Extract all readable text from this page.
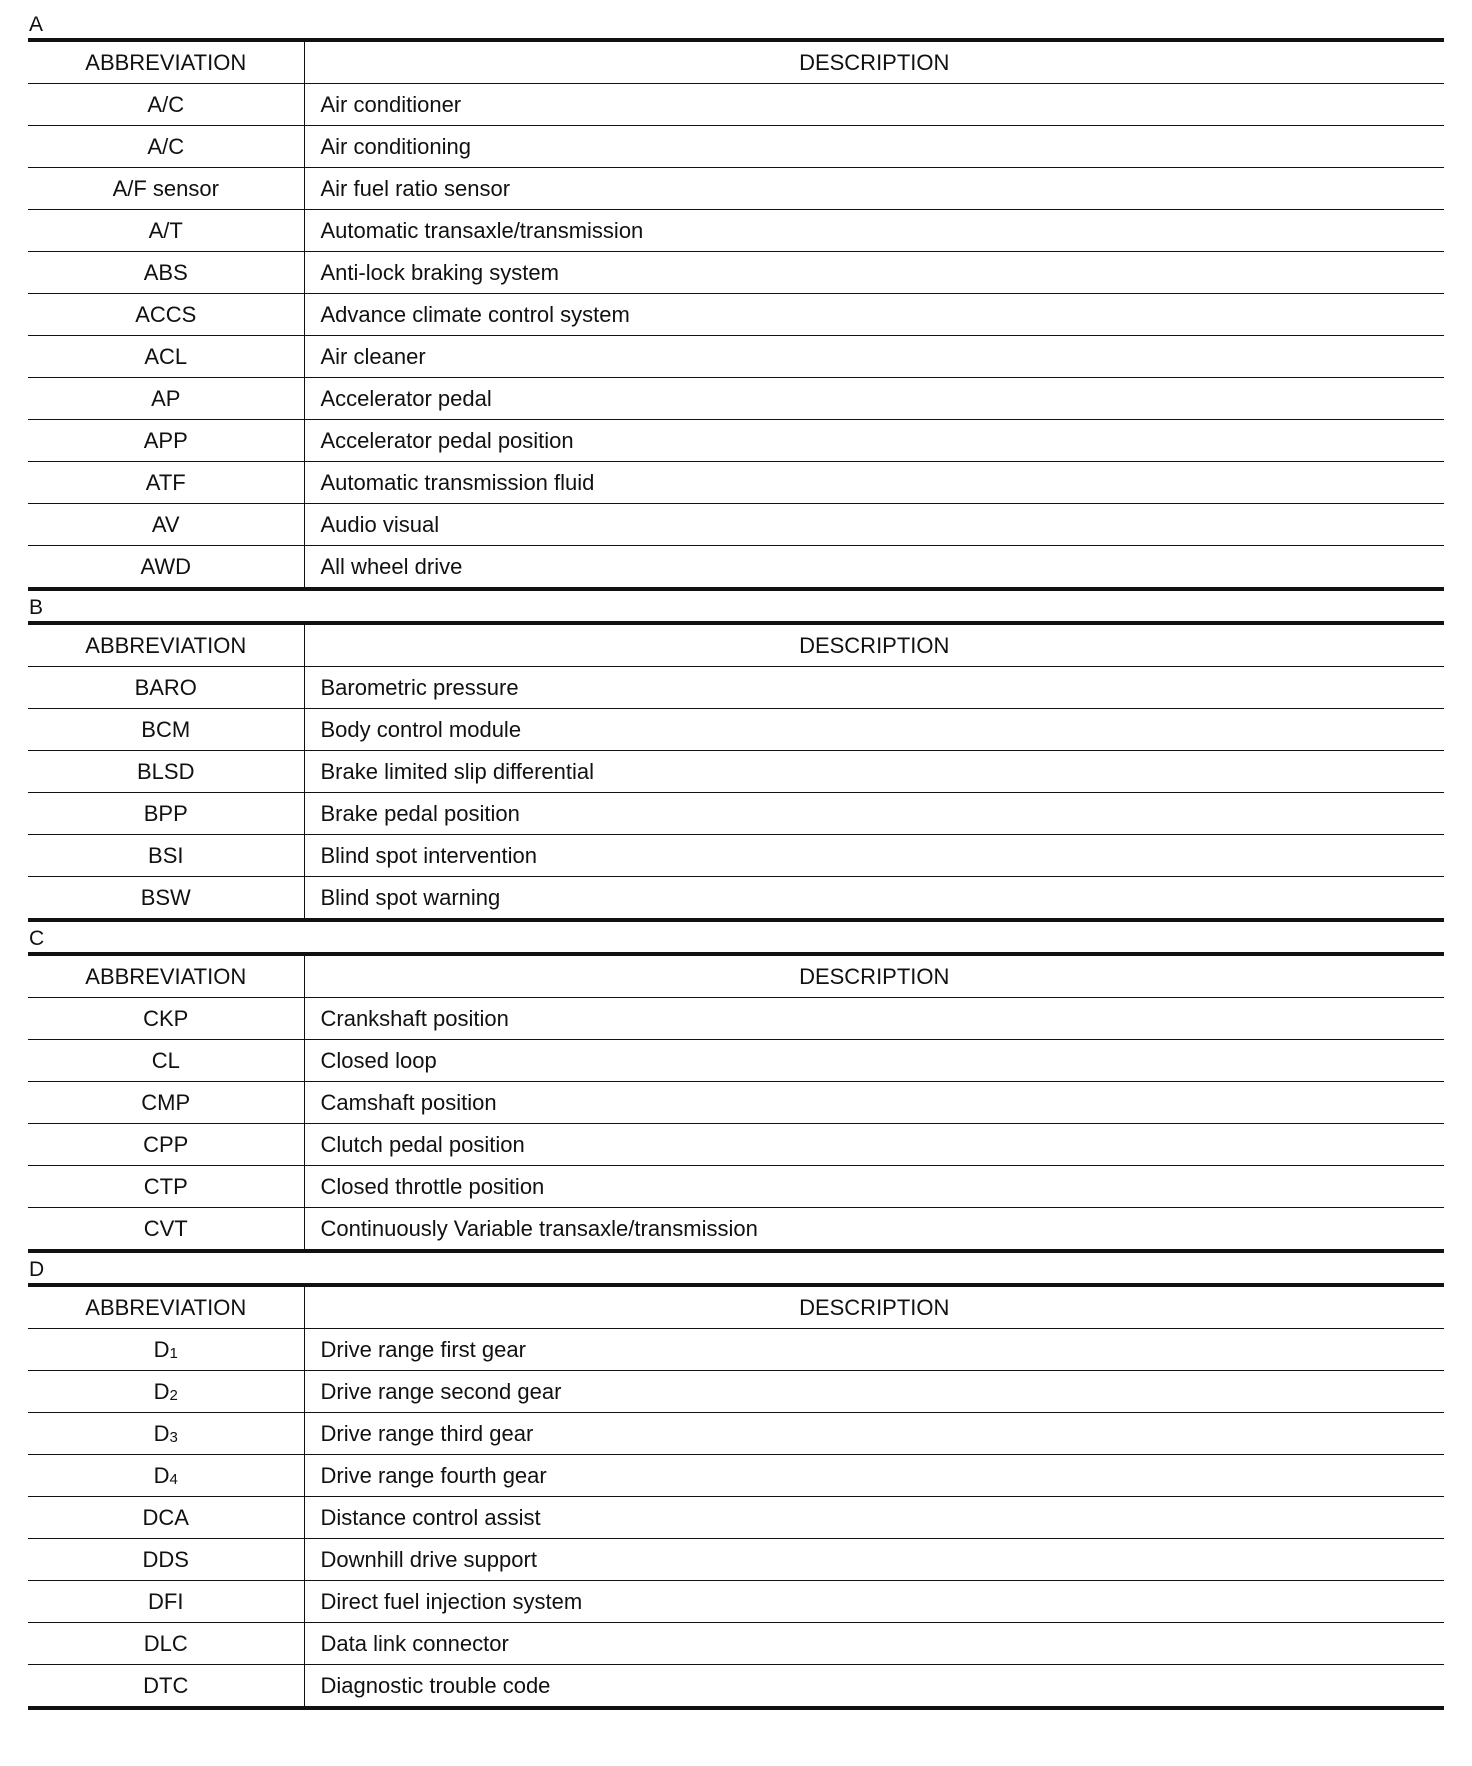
A
ABBREVIATION	DESCRIPTION
A/C	Air conditioner
A/C	Air conditioning
A/F sensor	Air fuel ratio sensor
A/T	Automatic transaxle/transmission
ABS	Anti-lock braking system
ACCS	Advance climate control system
ACL	Air cleaner
AP	Accelerator pedal
APP	Accelerator pedal position
ATF	Automatic transmission fluid
AV	Audio visual
AWD	All wheel drive
B
ABBREVIATION	DESCRIPTION
BARO	Barometric pressure
BCM	Body control module
BLSD	Brake limited slip differential
BPP	Brake pedal position
BSI	Blind spot intervention
BSW	Blind spot warning
C
ABBREVIATION	DESCRIPTION
CKP	Crankshaft position
CL	Closed loop
CMP	Camshaft position
CPP	Clutch pedal position
CTP	Closed throttle position
CVT	Continuously Variable transaxle/transmission
D
ABBREVIATION	DESCRIPTION
$D_1$	Drive range first gear
$D_2$	Drive range second gear
$D_3$	Drive range third gear
$D_4$	Drive range fourth gear
DCA	Distance control assist
DDS	Downhill drive support
DFI	Direct fuel injection system
DLC	Data link connector
DTC	Diagnostic trouble code
